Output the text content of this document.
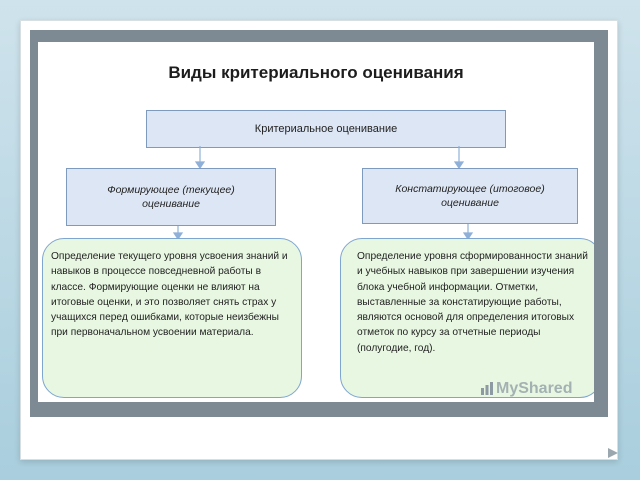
Виды критериального оценивания
Критериальное оценивание
Формирующее (текущее)
оценивание
Констатирующее (итоговое)
оценивание
Определение текущего уровня усвоения знаний и навыков в процессе повседневной работы в классе. Формирующие оценки не влияют на итоговые оценки, и это позволяет снять страх у учащихся перед ошибками, которые неизбежны при первоначальном усвоении материала.
Определение уровня сформированности знаний и учебных навыков при завершении изучения блока учебной информации. Отметки, выставленные за констатирующие работы, являются основой для определения итоговых отметок по курсу за отчетные периоды (полугодие, год).
MyShared
